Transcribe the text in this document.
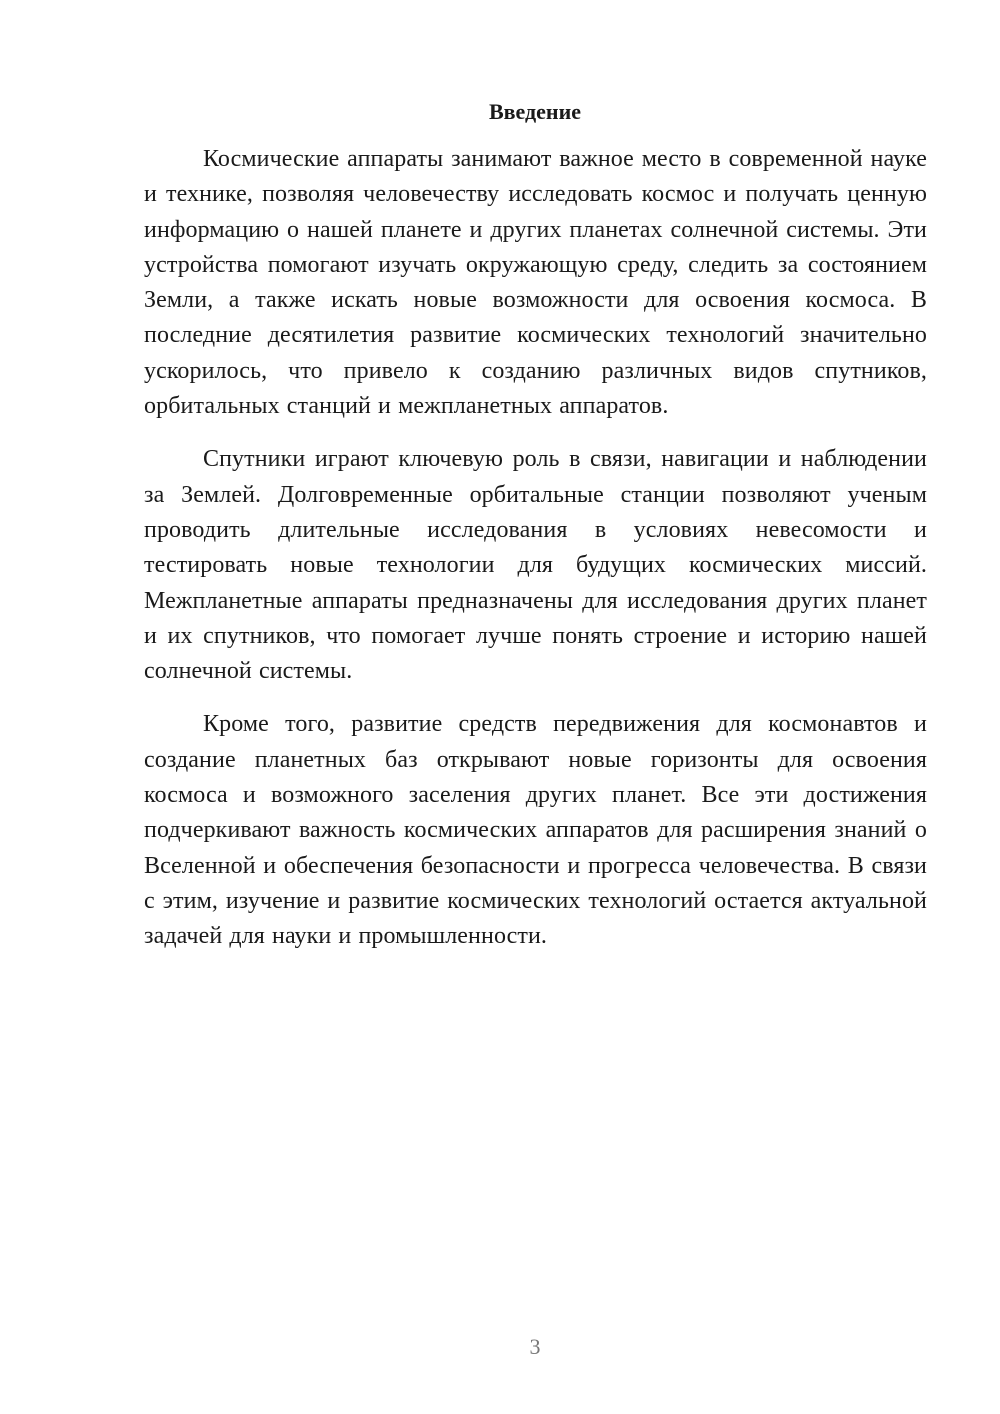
Введение

Космические аппараты занимают важное место в современной науке и технике, позволяя человечеству исследовать космос и получать ценную информацию о нашей планете и других планетах солнечной системы. Эти устройства помогают изучать окружающую среду, следить за состоянием Земли, а также искать новые возможности для освоения космоса. В последние десятилетия развитие космических технологий значительно ускорилось, что привело к созданию различных видов спутников, орбитальных станций и межпланетных аппаратов.

Спутники играют ключевую роль в связи, навигации и наблюдении за Землей. Долговременные орбитальные станции позволяют ученым проводить длительные исследования в условиях невесомости и тестировать новые технологии для будущих космических миссий. Межпланетные аппараты предназначены для исследования других планет и их спутников, что помогает лучше понять строение и историю нашей солнечной системы.

Кроме того, развитие средств передвижения для космонавтов и создание планетных баз открывают новые горизонты для освоения космоса и возможного заселения других планет. Все эти достижения подчеркивают важность космических аппаратов для расширения знаний о Вселенной и обеспечения безопасности и прогресса человечества. В связи с этим, изучение и развитие космических технологий остается актуальной задачей для науки и промышленности.

3
